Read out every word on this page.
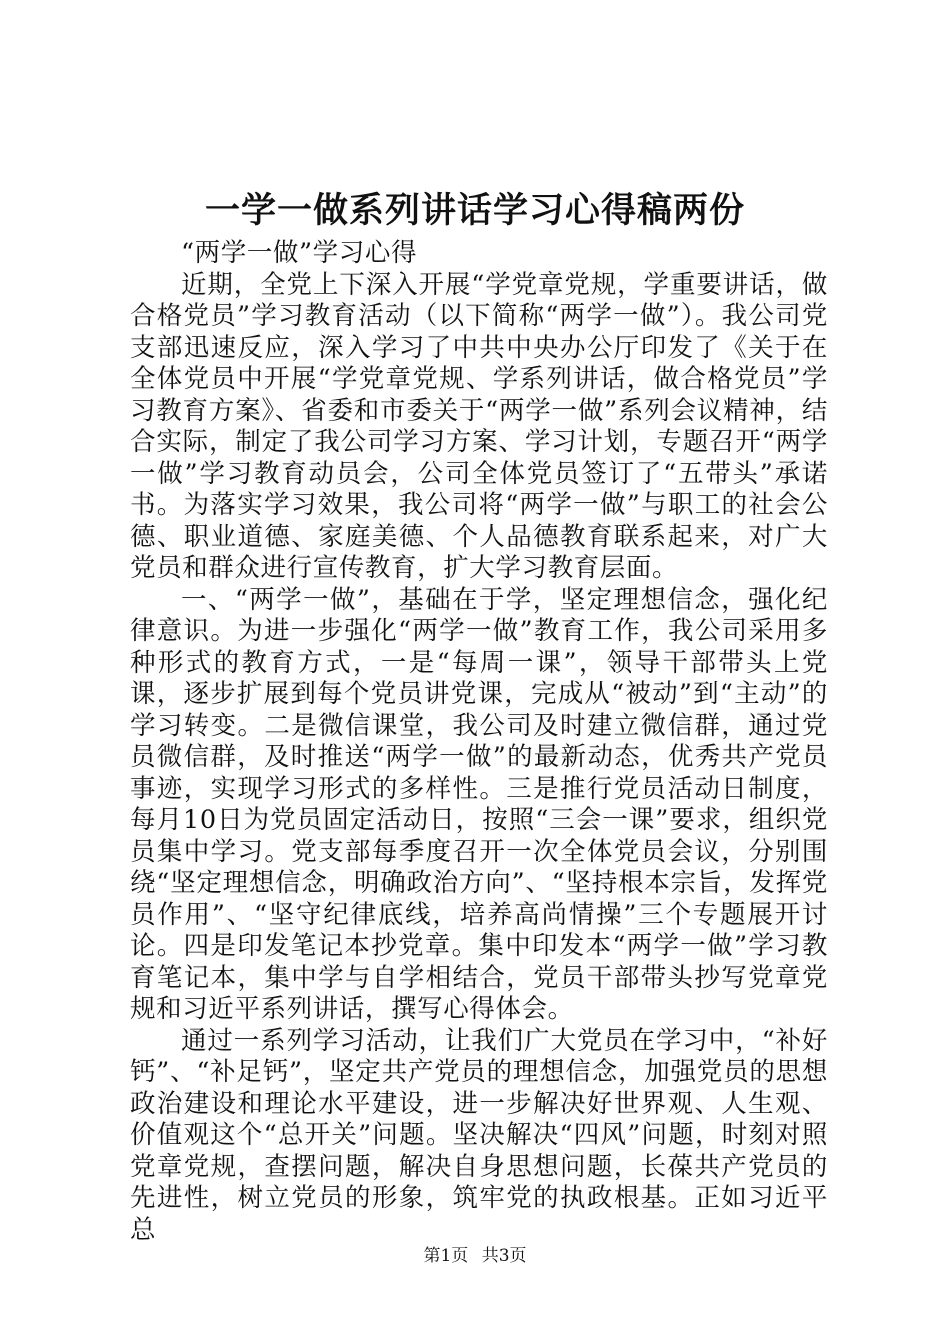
一学一做系列讲话学习心得稿两份

“两学一做”学习心得

近期，全党上下深入开展“学党章党规，学重要讲话，做合格党员”学习教育活动（以下简称“两学一做”）。我公司党支部迅速反应，深入学习了中共中央办公厅印发了《关于在全体党员中开展“学党章党规、学系列讲话，做合格党员”学习教育方案》、省委和市委关于“两学一做”系列会议精神，结合实际，制定了我公司学习方案、学习计划，专题召开“两学一做”学习教育动员会，公司全体党员签订了“五带头”承诺书。为落实学习效果，我公司将“两学一做”与职工的社会公德、职业道德、家庭美德、个人品德教育联系起来，对广大党员和群众进行宣传教育，扩大学习教育层面。

一、“两学一做”，基础在于学，坚定理想信念，强化纪律意识。为进一步强化“两学一做”教育工作，我公司采用多种形式的教育方式，一是“每周一课”，领导干部带头上党课，逐步扩展到每个党员讲党课，完成从“被动”到“主动”的学习转变。二是微信课堂，我公司及时建立微信群，通过党员微信群，及时推送“两学一做”的最新动态，优秀共产党员事迹，实现学习形式的多样性。三是推行党员活动日制度，每月10日为党员固定活动日，按照“三会一课”要求，组织党员集中学习。党支部每季度召开一次全体党员会议，分别围绕“坚定理想信念，明确政治方向”、“坚持根本宗旨，发挥党员作用”、“坚守纪律底线，培养高尚情操”三个专题展开讨论。四是印发笔记本抄党章。集中印发本“两学一做”学习教育笔记本，集中学与自学相结合，党员干部带头抄写党章党规和习近平系列讲话，撰写心得体会。

通过一系列学习活动，让我们广大党员在学习中，“补好钙”、“补足钙”，坚定共产党员的理想信念，加强党员的思想政治建设和理论水平建设，进一步解决好世界观、人生观、价值观这个“总开关”问题。坚决解决“四风”问题，时刻对照党章党规，查摆问题，解决自身思想问题，长葆共产党员的先进性，树立党员的形象，筑牢党的执政根基。正如习近平总

第1页 共3页
